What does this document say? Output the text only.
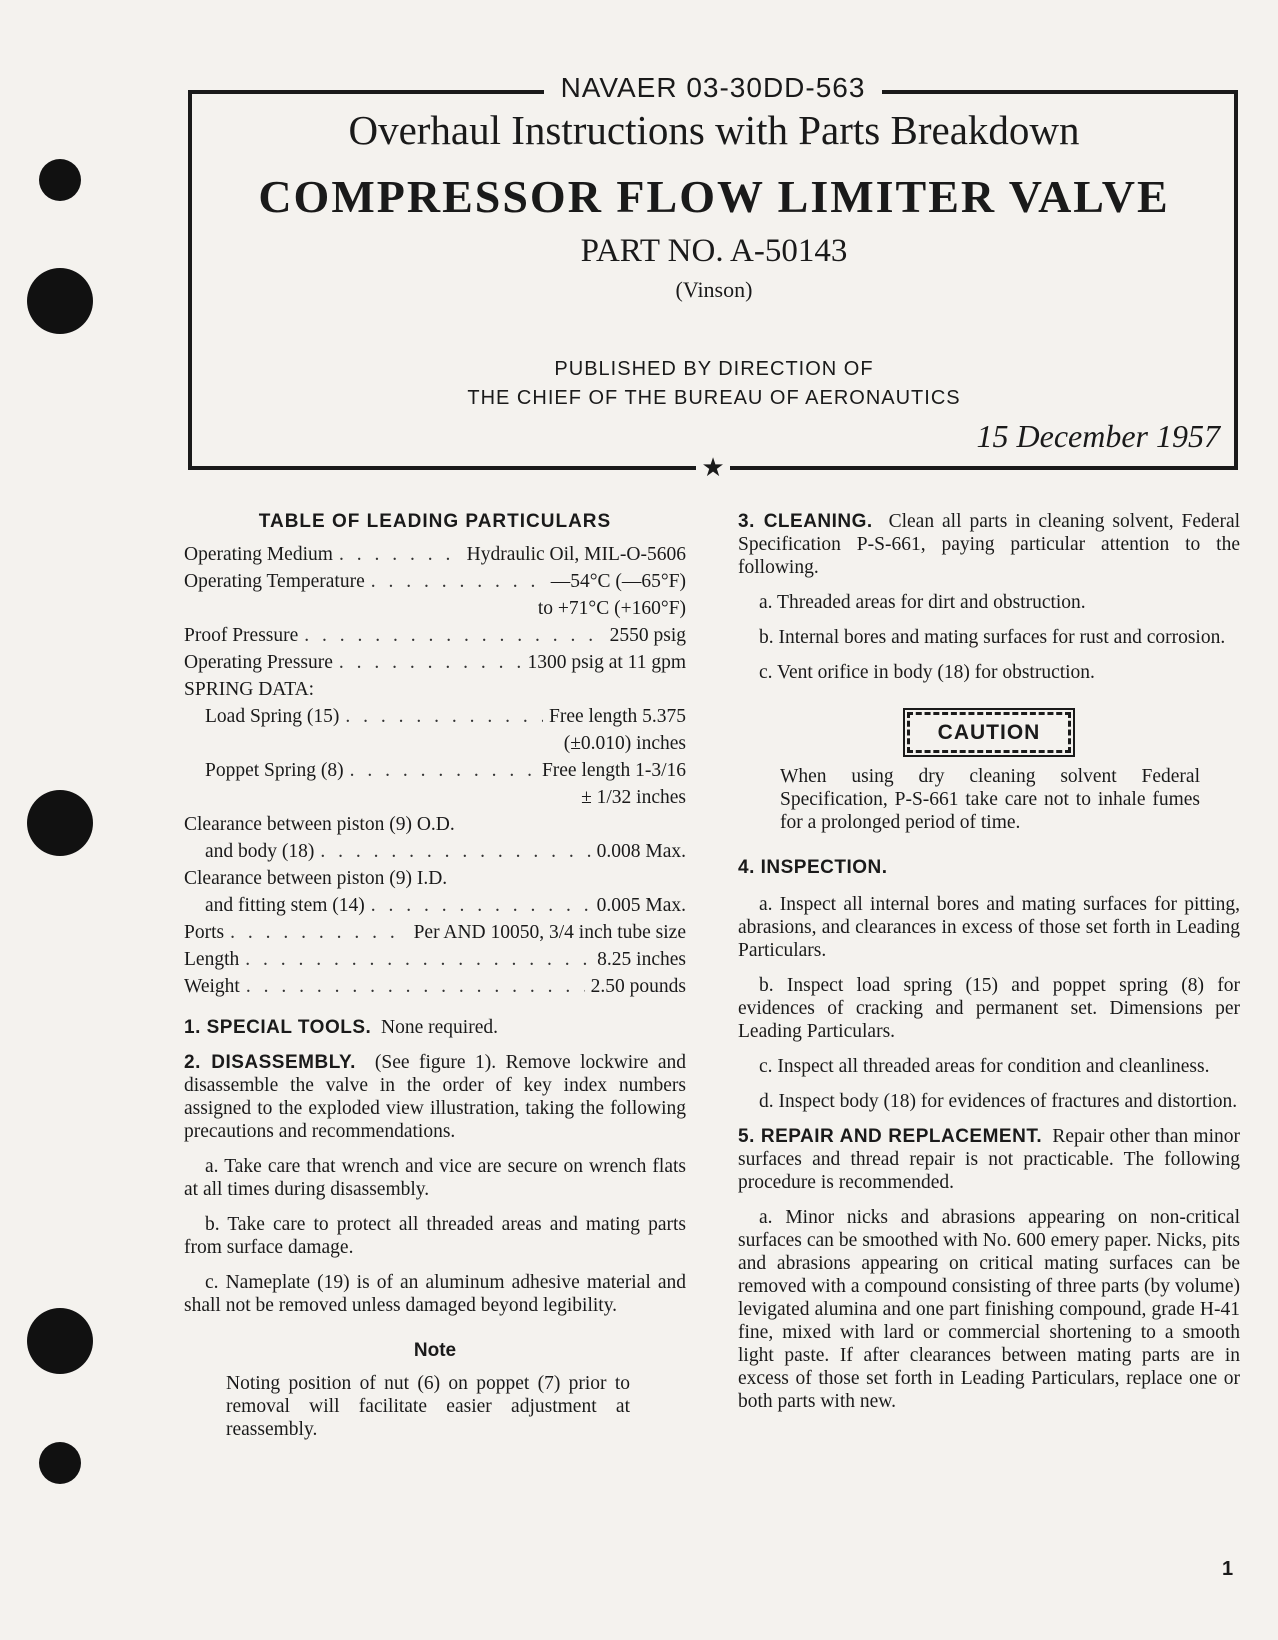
NAVAER 03-30DD-563
Overhaul Instructions with Parts Breakdown
COMPRESSOR FLOW LIMITER VALVE
PART NO. A-50143
(Vinson)
PUBLISHED BY DIRECTION OF
THE CHIEF OF THE BUREAU OF AERONAUTICS
15 December 1957
★
TABLE OF LEADING PARTICULARS
Operating Medium . . .	Hydraulic Oil, MIL-O-5606
Operating Temperature . . .	—54°C (—65°F)
to +71°C (+160°F)
Proof Pressure . . .	2550 psig
Operating Pressure . . .	1300 psig at 11 gpm
SPRING DATA:
Load Spring (15) . . .	Free length 5.375
(±0.010) inches
Poppet Spring (8) . . .	Free length 1-3/16
± 1/32 inches
Clearance between piston (9) O.D.
and body (18) . . .	0.008 Max.
Clearance between piston (9) I.D.
and fitting stem (14) . . .	0.005 Max.
Ports . . .	Per AND 10050, 3/4 inch tube size
Length . . .	8.25 inches
Weight . . .	2.50 pounds

1. SPECIAL TOOLS. None required.

2. DISASSEMBLY. (See figure 1). Remove lockwire and disassemble the valve in the order of key index numbers assigned to the exploded view illustration, taking the following precautions and recommendations.

a. Take care that wrench and vice are secure on wrench flats at all times during disassembly.

b. Take care to protect all threaded areas and mating parts from surface damage.

c. Nameplate (19) is of an aluminum adhesive material and shall not be removed unless damaged beyond legibility.

Note
Noting position of nut (6) on poppet (7) prior to removal will facilitate easier adjustment at reassembly.

3. CLEANING. Clean all parts in cleaning solvent, Federal Specification P-S-661, paying particular attention to the following.

a. Threaded areas for dirt and obstruction.

b. Internal bores and mating surfaces for rust and corrosion.

c. Vent orifice in body (18) for obstruction.

CAUTION
When using dry cleaning solvent Federal Specification, P-S-661 take care not to inhale fumes for a prolonged period of time.

4. INSPECTION.

a. Inspect all internal bores and mating surfaces for pitting, abrasions, and clearances in excess of those set forth in Leading Particulars.

b. Inspect load spring (15) and poppet spring (8) for evidences of cracking and permanent set. Dimensions per Leading Particulars.

c. Inspect all threaded areas for condition and cleanliness.

d. Inspect body (18) for evidences of fractures and distortion.

5. REPAIR AND REPLACEMENT. Repair other than minor surfaces and thread repair is not practicable. The following procedure is recommended.

a. Minor nicks and abrasions appearing on non-critical surfaces can be smoothed with No. 600 emery paper. Nicks, pits and abrasions appearing on critical mating surfaces can be removed with a compound consisting of three parts (by volume) levigated alumina and one part finishing compound, grade H-41 fine, mixed with lard or commercial shortening to a smooth light paste. If after clearances between mating parts are in excess of those set forth in Leading Particulars, replace one or both parts with new.

1
